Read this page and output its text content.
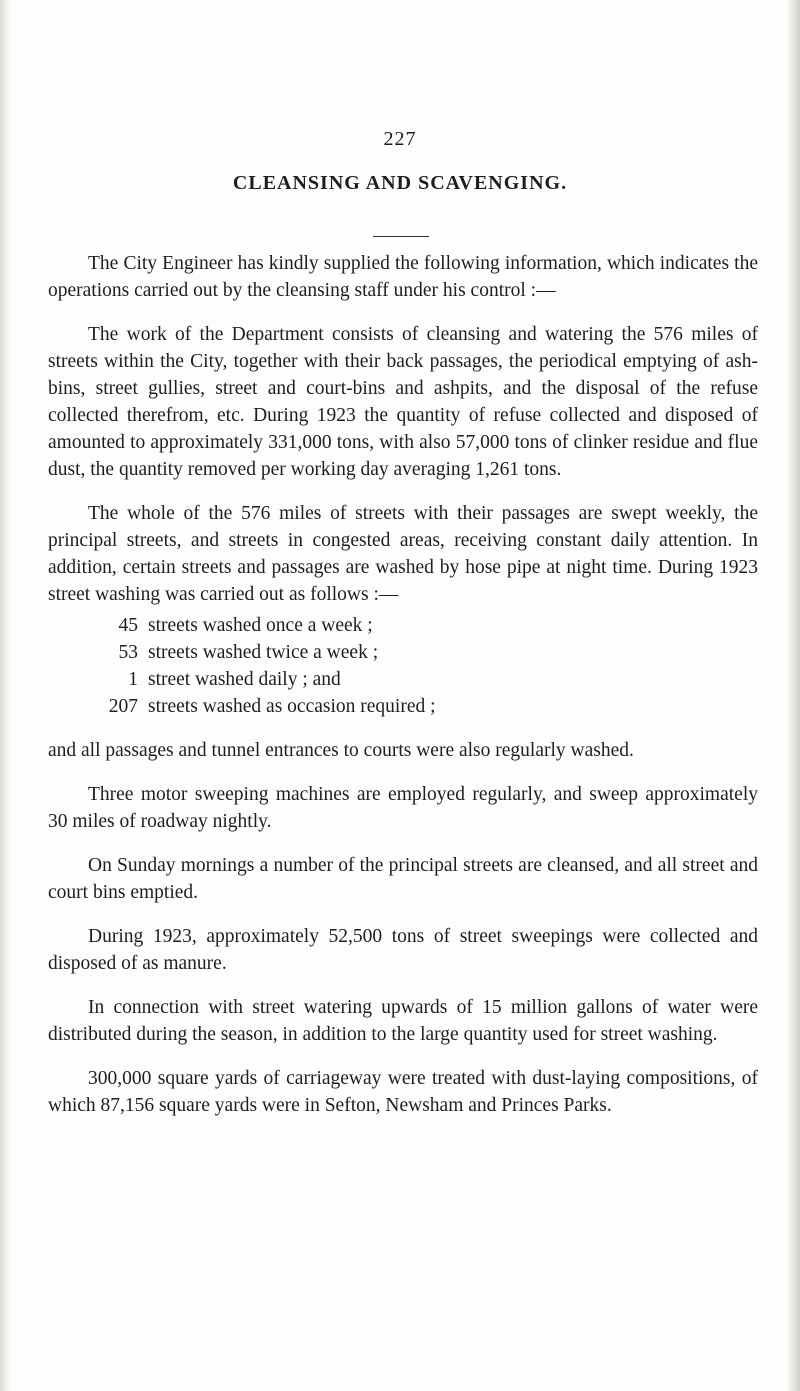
227
CLEANSING AND SCAVENGING.

The City Engineer has kindly supplied the following information, which indicates the operations carried out by the cleansing staff under his control :—

The work of the Department consists of cleansing and watering the 576 miles of streets within the City, together with their back passages, the periodical emptying of ash-bins, street gullies, street and court-bins and ashpits, and the disposal of the refuse collected therefrom, etc. During 1923 the quantity of refuse collected and disposed of amounted to approximately 331,000 tons, with also 57,000 tons of clinker residue and flue dust, the quantity removed per working day averaging 1,261 tons.

The whole of the 576 miles of streets with their passages are swept weekly, the principal streets, and streets in congested areas, receiving constant daily attention. In addition, certain streets and passages are washed by hose pipe at night time. During 1923 street washing was carried out as follows :—

45 streets washed once a week ;
53 streets washed twice a week ;
1 street washed daily ; and
207 streets washed as occasion required ;

and all passages and tunnel entrances to courts were also regularly washed.

Three motor sweeping machines are employed regularly, and sweep approximately 30 miles of roadway nightly.

On Sunday mornings a number of the principal streets are cleansed, and all street and court bins emptied.

During 1923, approximately 52,500 tons of street sweepings were collected and disposed of as manure.

In connection with street watering upwards of 15 million gallons of water were distributed during the season, in addition to the large quantity used for street washing.

300,000 square yards of carriageway were treated with dust-laying compositions, of which 87,156 square yards were in Sefton, Newsham and Princes Parks.
